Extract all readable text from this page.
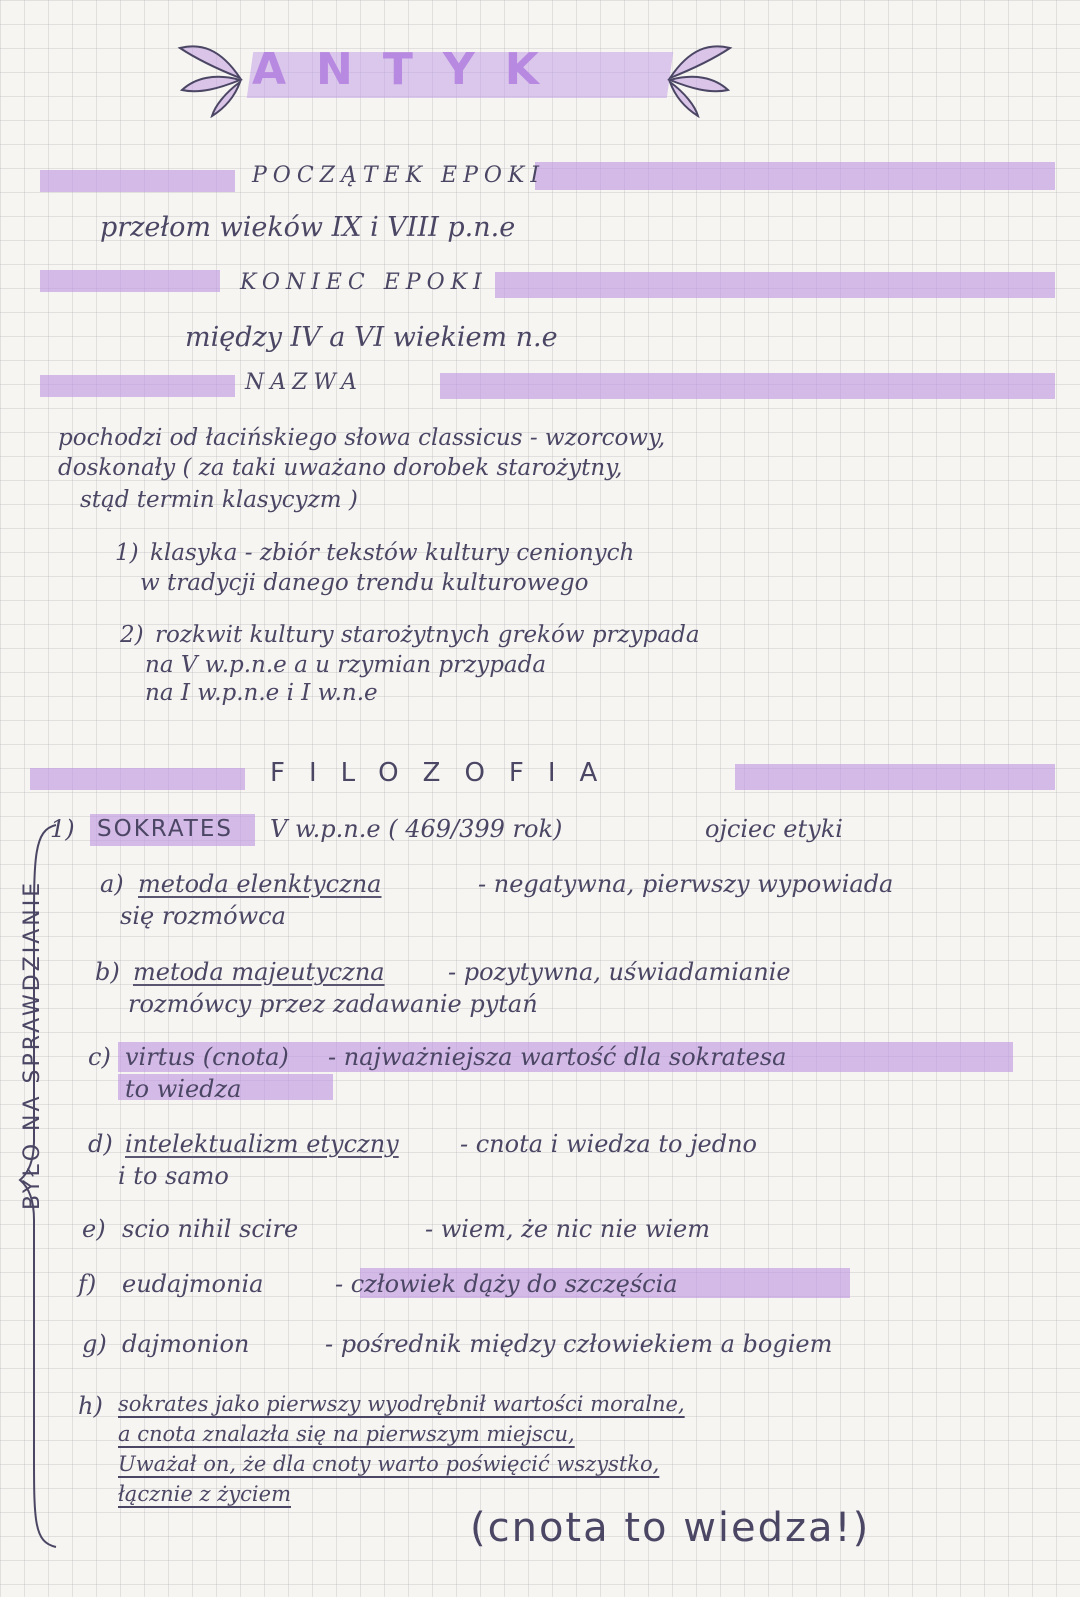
ANTYK
POCZĄTEK EPOKI
przełom wieków IX i VIII p.n.e
KONIEC EPOKI
między IV a VI wiekiem n.e
NAZWA
pochodzi od łacińskiego słowa classicus - wzorcowy,
doskonały ( za taki uważano dorobek starożytny,
stąd termin klasycyzm )
1) klasyka - zbiór tekstów kultury cenionych
w tradycji danego trendu kulturowego
2) rozkwit kultury starożytnych greków przypada
na V w.p.n.e a u rzymian przypada
na I w.p.n.e i I w.n.e
FILOZOFIA
BYŁO NA SPRAWDZIANIE
1) SOKRATES V w.p.n.e ( 469/399 rok)	ojciec etyki
a) metoda elenktyczna	- negatywna, pierwszy wypowiada
się rozmówca
b) metoda majeutyczna	- pozytywna, uświadamianie
rozmówcy przez zadawanie pytań
c) virtus (cnota) - najważniejsza wartość dla sokratesa
to wiedza
d) intelektualizm etyczny	- cnota i wiedza to jedno
i to samo
e) scio nihil scire	- wiem, że nic nie wiem
f) eudajmonia	- człowiek dąży do szczęścia
g) dajmonion	- pośrednik między człowiekiem a bogiem
h) sokrates jako pierwszy wyodrębnił wartości moralne,
a cnota znalazła się na pierwszym miejscu,
Uważał on, że dla cnoty warto poświęcić wszystko,
łącznie z życiem
(cnota to wiedza!)
